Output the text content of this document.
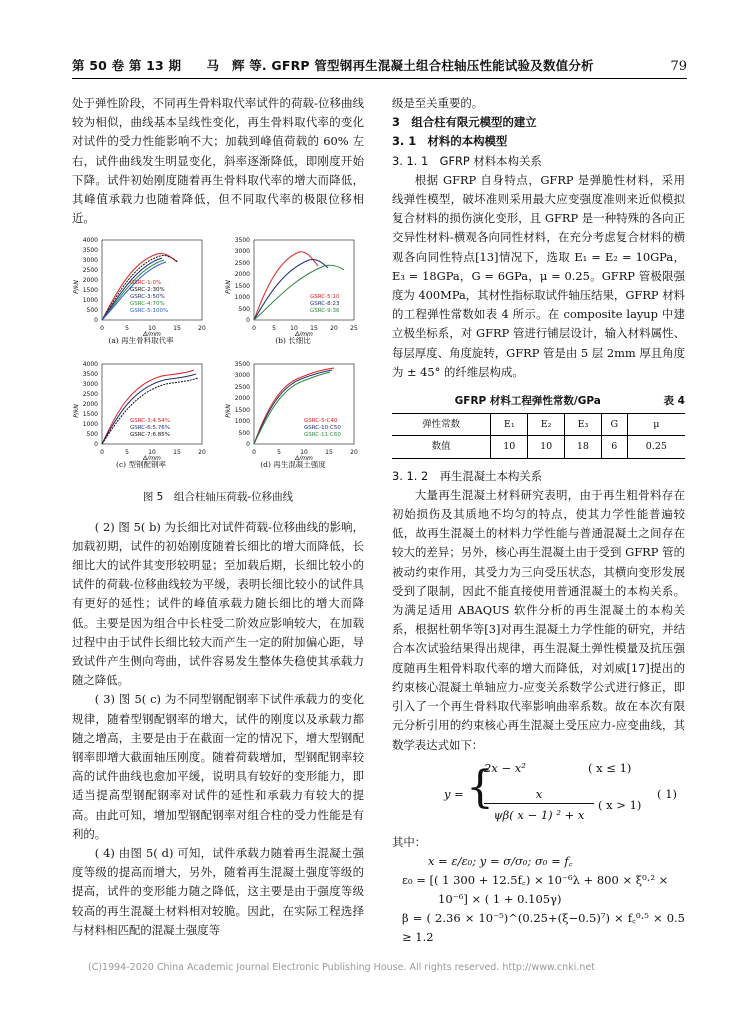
第 50 卷 第 13 期　　马　辉 等. GFRP 管型钢再生混凝土组合柱轴压性能试验及数值分析	79

处于弹性阶段，不同再生骨料取代率试件的荷载-位移曲线较为相似，曲线基本呈线性变化，再生骨料取代率的变化对试件的受力性能影响不大；加载到峰值荷载的 60% 左右，试件曲线发生明显变化，斜率逐渐降低，即刚度开始下降。试件初始刚度随着再生骨料取代率的增大而降低，其峰值承载力也随着降低，但不同取代率的极限位移相近。

4000
3500
3000
2500
2000
1500
1000
500
0
0	5	10	15	20
P/kN
Δ/mm
GSRC-1:0%
GSRC-2:30%
GSRC-3:50%
GSRC-4:70%
GSRC-5:100%
(a) 再生骨料取代率
3500
3000
2500
2000
1500
1000
500
0
0	5 10 15 20 25
P/kN
Δ/mm
GSRC-5:10
GSRC-8:23
GSRC-9:36
(b) 长细比
4000
3500
3000
2500
2000
1500
1000
500
0
0	5	10	15	20
P/kN
Δ/mm
GSRC-3:4.54%
GSRC-6:5.76%
GSRC-7:6.85%
(c) 型钢配钢率
3500
3000
2500
2000
1500
1000
500
0
0	5	10	15	20
P/kN
Δ/mm
GSRC-5:C40
GSRC-10:C50
GSRC-11:C60
(d) 再生混凝土强度
图 5　组合柱轴压荷载-位移曲线

( 2) 图 5( b) 为长细比对试件荷载-位移曲线的影响，加载初期，试件的初始刚度随着长细比的增大而降低，长细比大的试件其变形较明显；至加载后期，长细比较小的试件的荷载-位移曲线较为平缓，表明长细比较小的试件具有更好的延性；试件的峰值承载力随长细比的增大而降低。主要是因为组合中长柱受二阶效应影响较大，在加载过程中由于试件长细比较大而产生一定的附加偏心距，导致试件产生侧向弯曲，试件容易发生整体失稳使其承载力随之降低。

( 3) 图 5( c) 为不同型钢配钢率下试件承载力的变化规律，随着型钢配钢率的增大，试件的刚度以及承载力都随之增高，主要是由于在截面一定的情况下，增大型钢配钢率即增大截面轴压刚度。随着荷载增加，型钢配钢率较高的试件曲线也愈加平缓，说明具有较好的变形能力，即适当提高型钢配钢率对试件的延性和承载力有较大的提高。由此可知，增加型钢配钢率对组合柱的受力性能是有利的。

( 4) 由图 5( d) 可知，试件承载力随着再生混凝土强度等级的提高而增大，另外，随着再生混凝土强度等级的提高，试件的变形能力随之降低，这主要是由于强度等级较高的再生混凝土材料相对较脆。因此，在实际工程选择与材料相匹配的混凝土强度等

级是至关重要的。

3　组合柱有限元模型的建立

3. 1　材料的本构模型

3. 1. 1　GFRP 材料本构关系

根据 GFRP 自身特点，GFRP 是弹脆性材料，采用线弹性模型，破坏准则采用最大应变强度准则来近似模拟复合材料的损伤演化变形，且 GFRP 是一种特殊的各向正交异性材料-横观各向同性材料，在充分考虑复合材料的横观各向同性特点[13]情况下，选取 E₁ = E₂ = 10GPa，E₃ = 18GPa，G = 6GPa，μ = 0.25。GFRP 管极限强度为 400MPa，其材性指标取试件轴压结果，GFRP 材料的工程弹性常数如表 4 所示。在 composite layup 中建立极坐标系，对 GFRP 管进行铺层设计，输入材料属性、每层厚度、角度旋转，GFRP 管是由 5 层 2mm 厚且角度为 ± 45° 的纤维层构成。

GFRP 材料工程弹性常数/GPa	表 4
弹性常数	E₁	E₂	E₃	G	μ
数值	10	10	18	6	0.25

3. 1. 2　再生混凝土本构关系

大量再生混凝土材料研究表明，由于再生粗骨料存在初始损伤及其质地不均匀的特点，使其力学性能普遍较低，故再生混凝土的材料力学性能与普通混凝土之间存在较大的差异；另外，核心再生混凝土由于受到 GFRP 管的被动约束作用，其受力为三向受压状态，其横向变形发展受到了限制，因此不能直接使用普通混凝土的本构关系。为满足适用 ABAQUS 软件分析的再生混凝土的本构关系，根据杜朝华等[3]对再生混凝土力学性能的研究，并结合本次试验结果得出规律，再生混凝土弹性模量及抗压强度随再生粗骨料取代率的增大而降低，对刘威[17]提出的约束核心混凝土单轴应力-应变关系数学公式进行修正，即引入了一个再生骨料取代率影响曲率系数。故在本次有限元分析引用的约束核心再生混凝土受压应力-应变曲线，其数学表达式如下：

y = {
2x − x²	( x ≤ 1)
x
ψβ( x − 1) ² + x
( x > 1)
( 1)

其中：

x = ε/ε₀; y = σ/σ₀; σ₀ = f꜀

ε₀ = [( 1 300 + 12.5f꜀) × 10⁻⁶λ + 800 × ξ⁰·² ×

10⁻⁶] × ( 1 + 0.105γ)

β = ( 2.36 × 10⁻⁵)^(0.25+(ξ−0.5)⁷) × f꜀⁰·⁵ × 0.5 ≥ 1.2

(C)1994-2020 China Academic Journal Electronic Publishing House. All rights reserved. http://www.cnki.net
